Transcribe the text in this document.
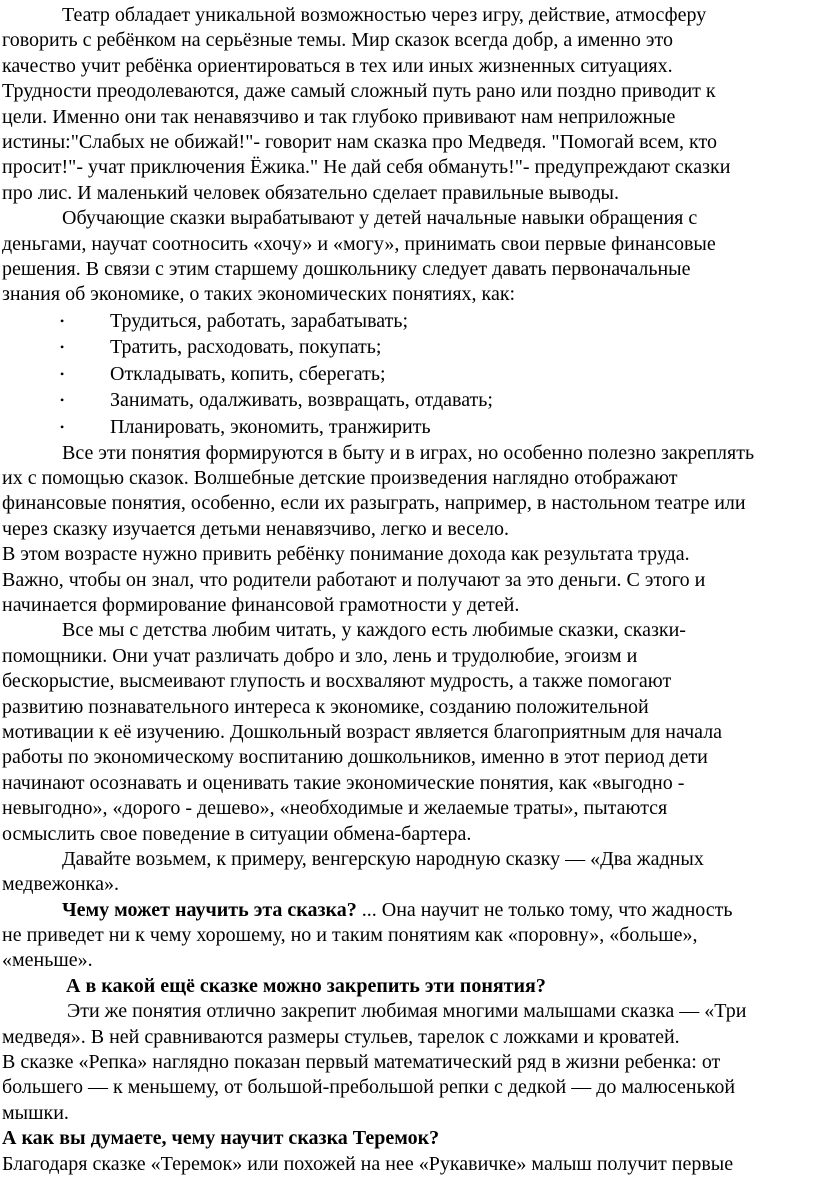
Театр обладает уникальной возможностью через игру, действие, атмосферу
говорить с ребёнком на серьёзные темы. Мир сказок всегда добр, а именно это
качество учит ребёнка ориентироваться в тех или иных жизненных ситуациях.
Трудности преодолеваются, даже самый сложный путь рано или поздно приводит к
цели. Именно они так ненавязчиво и так глубоко прививают нам неприложные
истины:"Слабых не обижай!"- говорит нам сказка про Медведя. "Помогай всем, кто
просит!"- учат приключения Ёжика." Не дай себя обмануть!"- предупреждают сказки
про лис. И маленький человек обязательно сделает правильные выводы.
Обучающие сказки вырабатывают у детей начальные навыки обращения с
деньгами, научат соотносить «хочу» и «могу», принимать свои первые финансовые
решения. В связи с этим старшему дошкольнику следует давать первоначальные
знания об экономике, о таких экономических понятиях, как:
• Трудиться, работать, зарабатывать;
• Тратить, расходовать, покупать;
• Откладывать, копить, сберегать;
• Занимать, одалживать, возвращать, отдавать;
• Планировать, экономить, транжирить
Все эти понятия формируются в быту и в играх, но особенно полезно закреплять
их с помощью сказок. Волшебные детские произведения наглядно отображают
финансовые понятия, особенно, если их разыграть, например, в настольном театре или
через сказку изучается детьми ненавязчиво, легко и весело.
В этом возрасте нужно привить ребёнку понимание дохода как результата труда.
Важно, чтобы он знал, что родители работают и получают за это деньги. С этого и
начинается формирование финансовой грамотности у детей.
Все мы с детства любим читать, у каждого есть любимые сказки, сказки-
помощники. Они учат различать добро и зло, лень и трудолюбие, эгоизм и
бескорыстие, высмеивают глупость и восхваляют мудрость, а также помогают
развитию познавательного интереса к экономике, созданию положительной
мотивации к её изучению. Дошкольный возраст является благоприятным для начала
работы по экономическому воспитанию дошкольников, именно в этот период дети
начинают осознавать и оценивать такие экономические понятия, как «выгодно -
невыгодно», «дорого - дешево», «необходимые и желаемые траты», пытаются
осмыслить свое поведение в ситуации обмена-бартера.
Давайте возьмем, к примеру, венгерскую народную сказку — «Два жадных
медвежонка».
Чему может научить эта сказка? ... Она научит не только тому, что жадность
не приведет ни к чему хорошему, но и таким понятиям как «поровну», «больше»,
«меньше».
А в какой ещё сказке можно закрепить эти понятия?
Эти же понятия отлично закрепит любимая многими малышами сказка — «Три
медведя». В ней сравниваются размеры стульев, тарелок с ложками и кроватей.
В сказке «Репка» наглядно показан первый математический ряд в жизни ребенка: от
большего — к меньшему, от большой-пребольшой репки с дедкой — до малюсенькой
мышки.
А как вы думаете, чему научит сказка Теремок?
Благодаря сказке «Теремок» или похожей на нее «Рукавичке» малыш получит первые
